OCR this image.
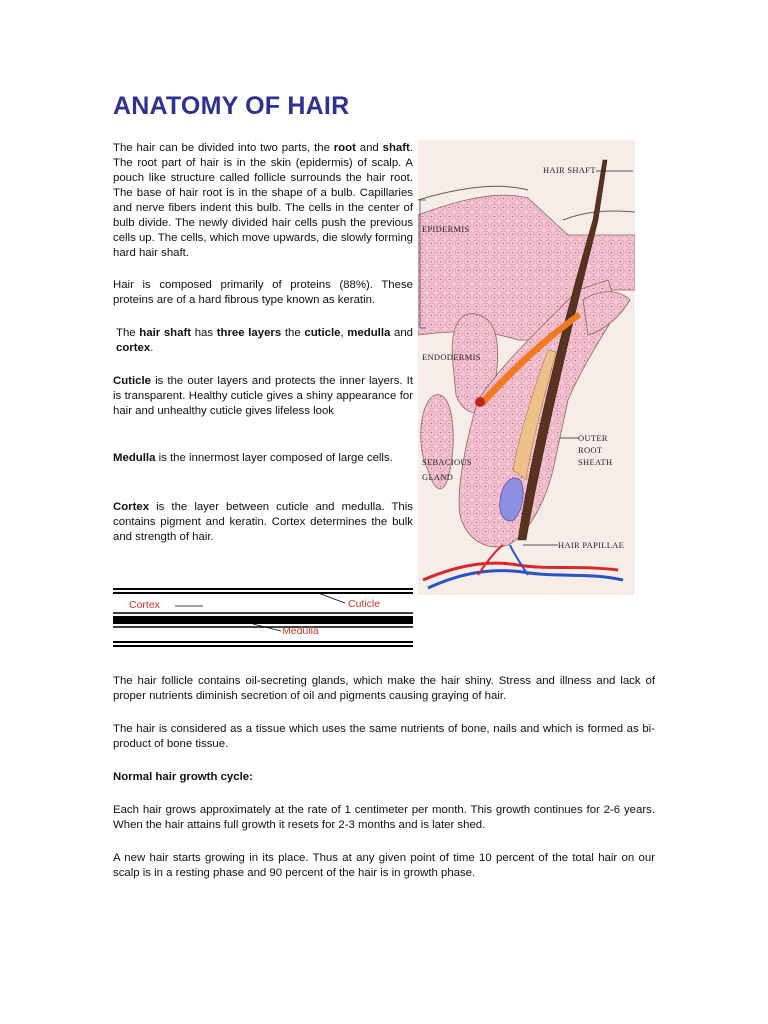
ANATOMY OF HAIR

The hair can be divided into two parts, the root and shaft. The root part of hair is in the skin (epidermis) of scalp. A pouch like structure called follicle surrounds the hair root. The base of hair root is in the shape of a bulb. Capillaries and nerve fibers indent this bulb. The cells in the center of bulb divide. The newly divided hair cells push the previous cells up. The cells, which move upwards, die slowly forming hard hair shaft.

Hair is composed primarily of proteins (88%). These proteins are of a hard fibrous type known as keratin.

The hair shaft has three layers the cuticle, medulla and cortex.

Cuticle is the outer layers and protects the inner layers. It is transparent. Healthy cuticle gives a shiny appearance for hair and unhealthy cuticle gives lifeless look

Medulla is the innermost layer composed of large cells.

Cortex is the layer between cuticle and medulla. This contains pigment and keratin. Cortex determines the bulk and strength of hair.

Cortex	Cuticle
Medulla
HAIR SHAFT
EPIDERMIS
ENDODERMIS
OUTER
ROOT
SHEATH
SEBACIOUS
GLAND
HAIR PAPILLAE

The hair follicle contains oil-secreting glands, which make the hair shiny. Stress and illness and lack of proper nutrients diminish secretion of oil and pigments causing graying of hair.

The hair is considered as a tissue which uses the same nutrients of bone, nails and which is formed as bi-product of bone tissue.

Normal hair growth cycle:

Each hair grows approximately at the rate of 1 centimeter per month. This growth continues for 2-6 years. When the hair attains full growth it resets for 2-3 months and is later shed.

A new hair starts growing in its place. Thus at any given point of time 10 percent of the total hair on our scalp is in a resting phase and 90 percent of the hair is in growth phase.
